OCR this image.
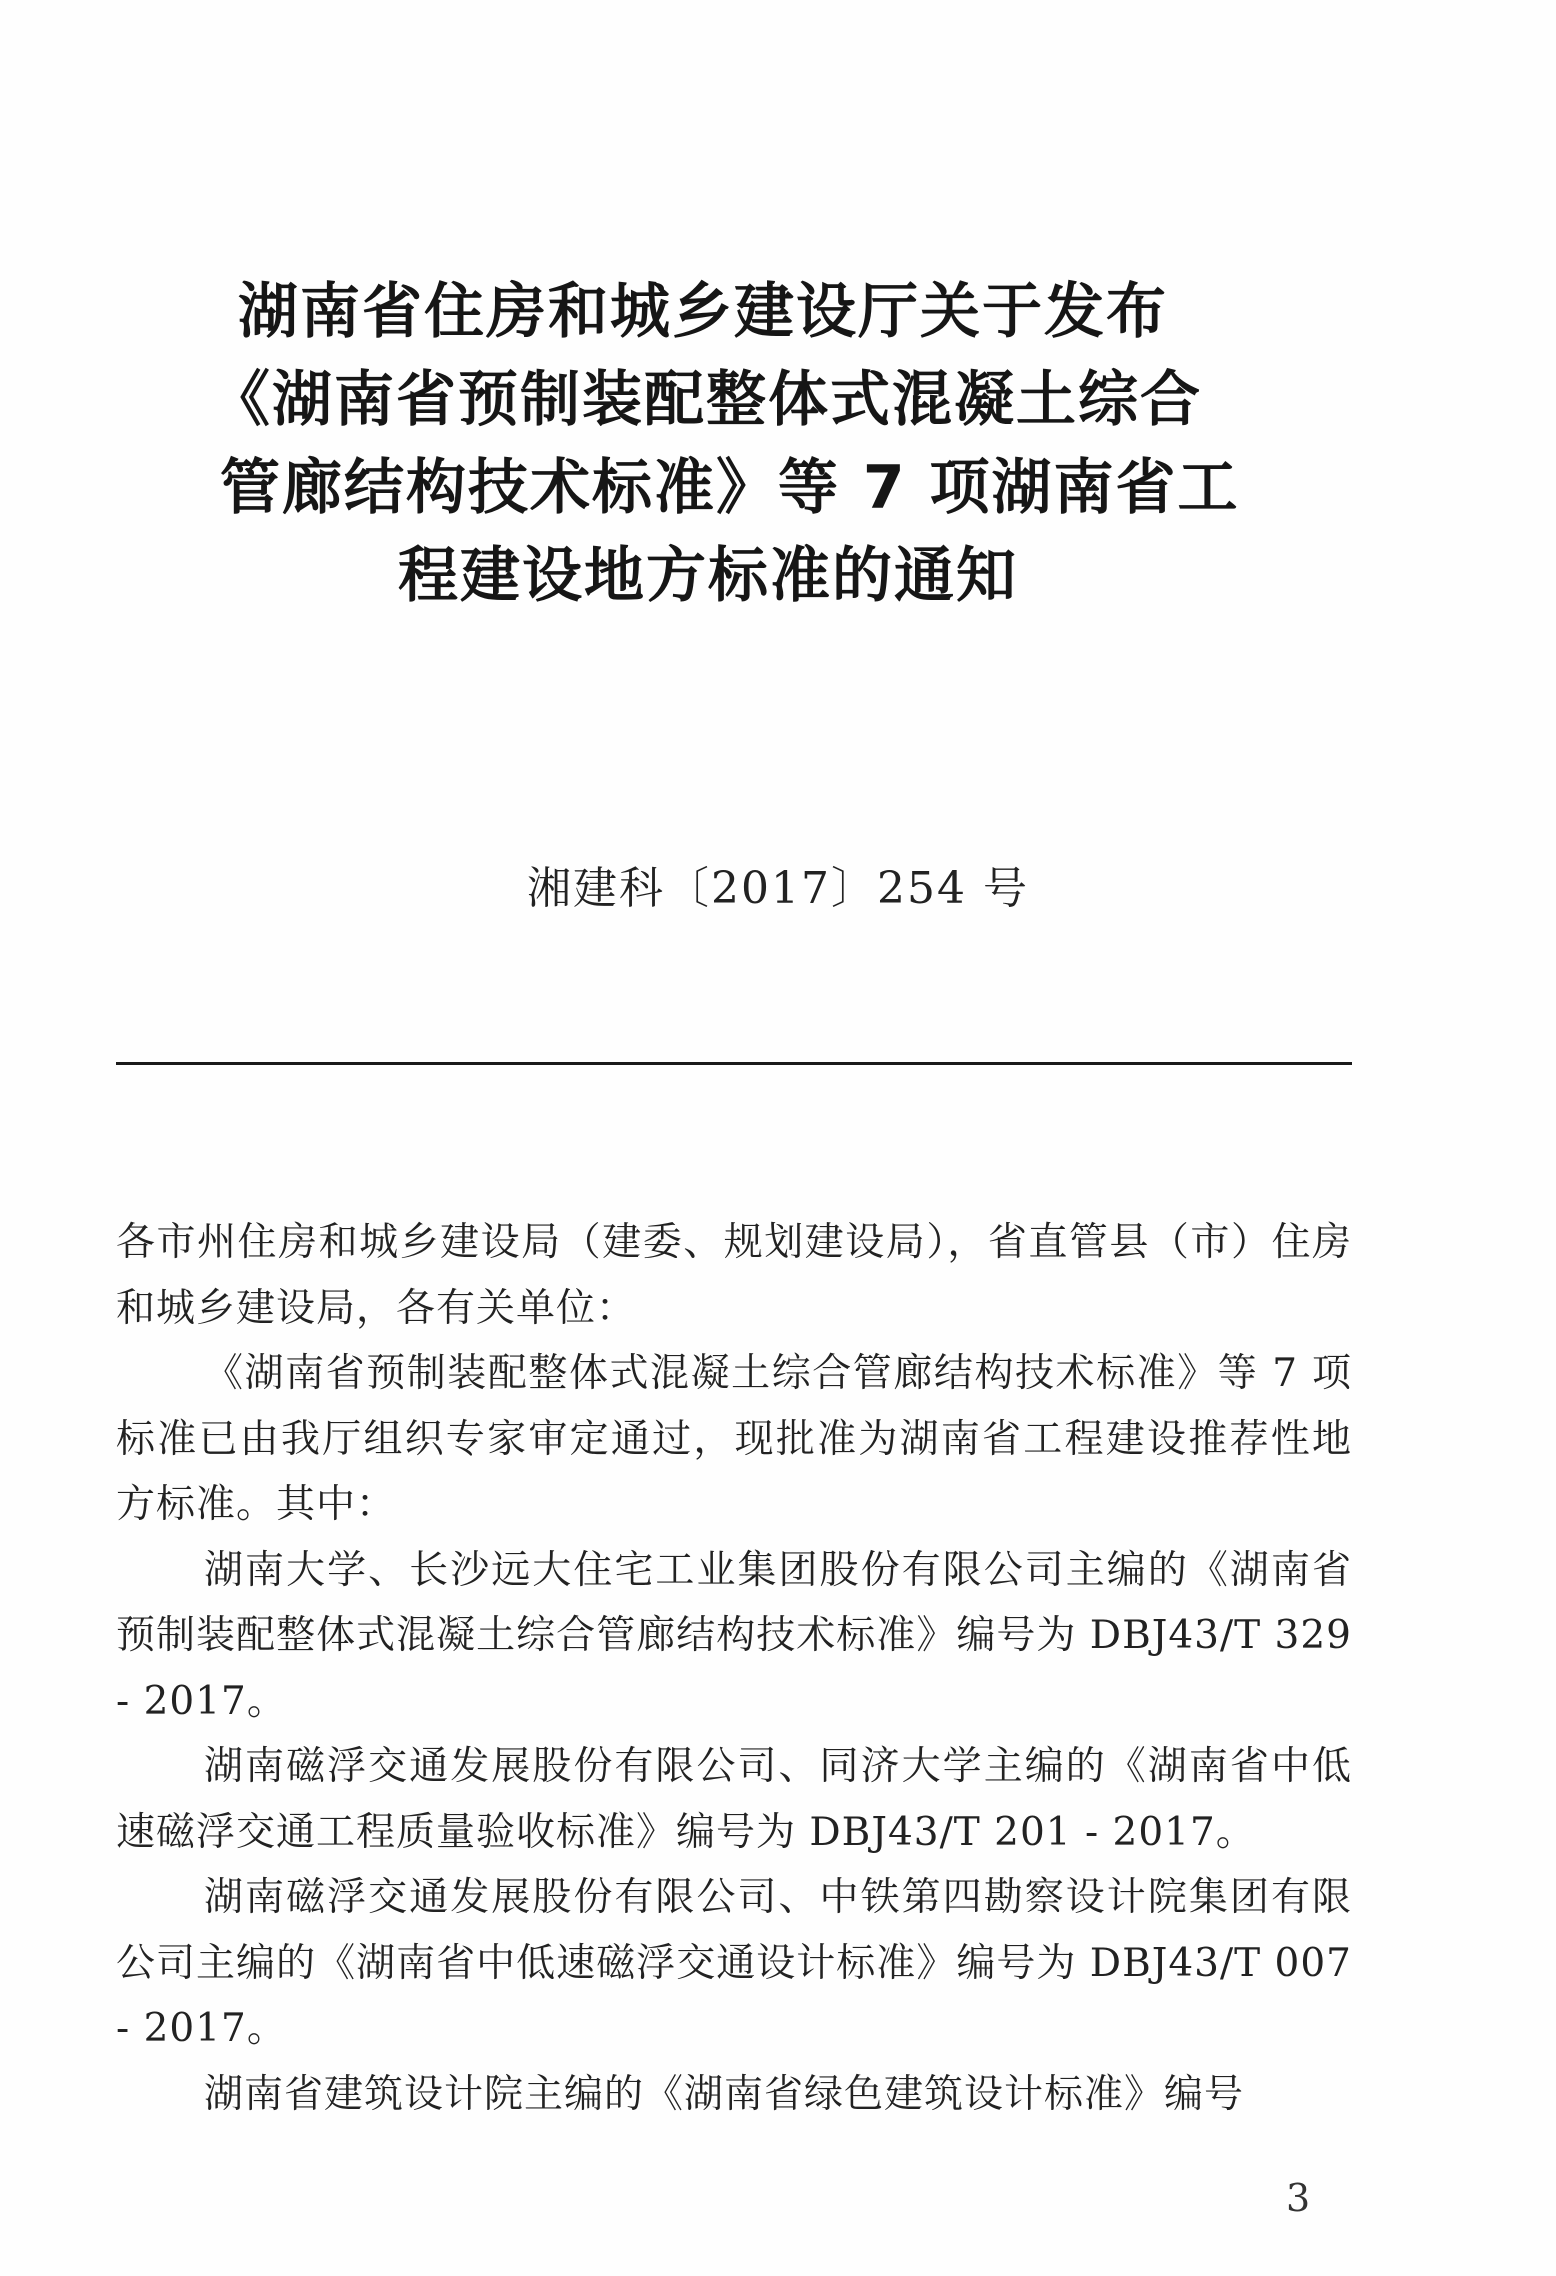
湖南省住房和城乡建设厅关于发布
《湖南省预制装配整体式混凝土综合
管廊结构技术标准》等 7 项湖南省工
程建设地方标准的通知
湘建科〔2017〕254 号

各市州住房和城乡建设局（建委、规划建设局），省直管县（市）住房和城乡建设局，各有关单位：

《湖南省预制装配整体式混凝土综合管廊结构技术标准》等 7 项标准已由我厅组织专家审定通过，现批准为湖南省工程建设推荐性地方标准。其中：

湖南大学、长沙远大住宅工业集团股份有限公司主编的《湖南省预制装配整体式混凝土综合管廊结构技术标准》编号为 DBJ43/T 329 - 2017。

湖南磁浮交通发展股份有限公司、同济大学主编的《湖南省中低速磁浮交通工程质量验收标准》编号为 DBJ43/T 201 - 2017。

湖南磁浮交通发展股份有限公司、中铁第四勘察设计院集团有限公司主编的《湖南省中低速磁浮交通设计标准》编号为 DBJ43/T 007 - 2017。

湖南省建筑设计院主编的《湖南省绿色建筑设计标准》编号

3
